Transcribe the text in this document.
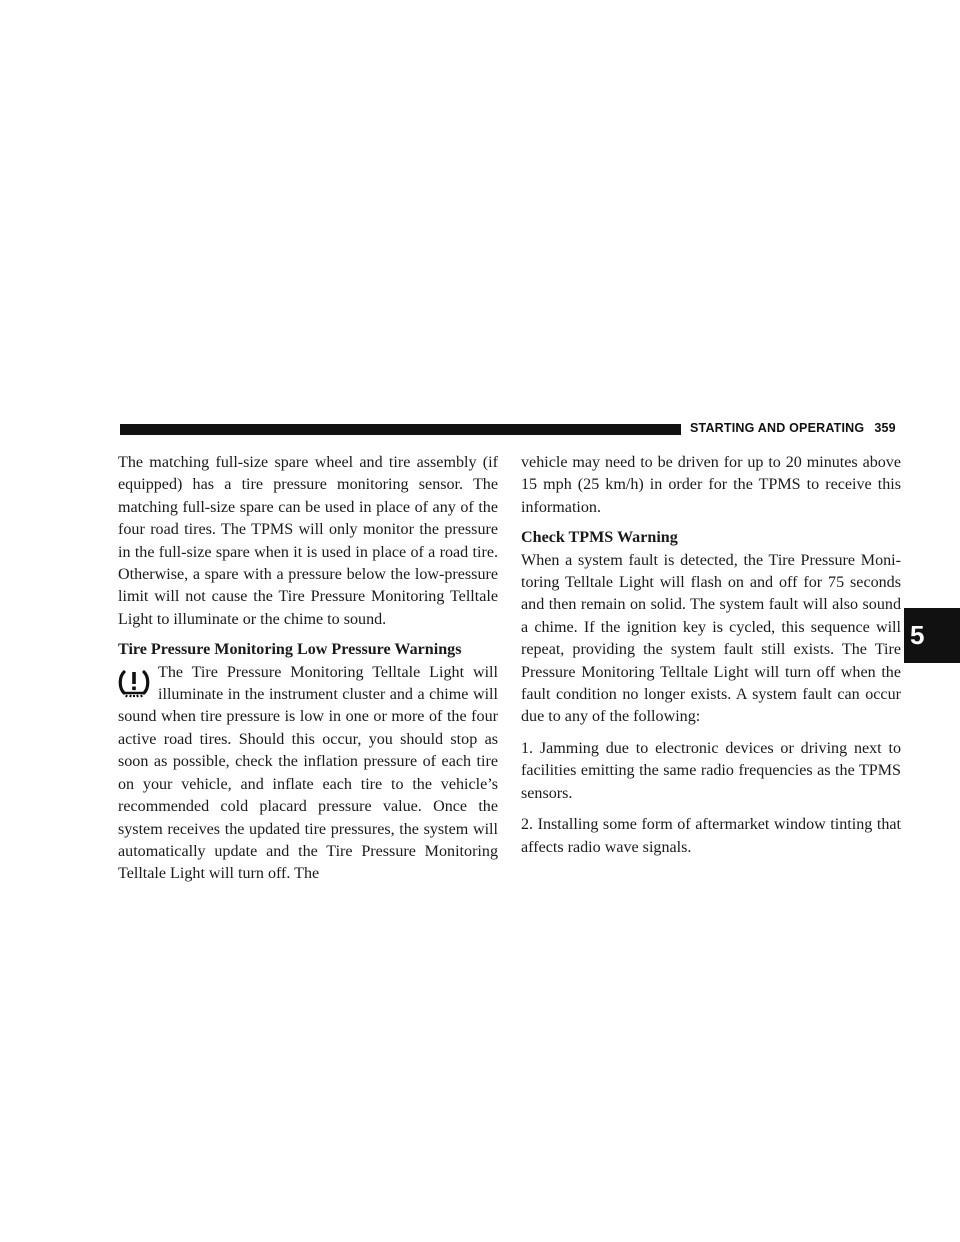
STARTING AND OPERATING 359

The matching full-size spare wheel and tire assembly (if equipped) has a tire pressure monitoring sensor. The matching full-size spare can be used in place of any of the four road tires. The TPMS will only monitor the pressure in the full-size spare when it is used in place of a road tire. Otherwise, a spare with a pressure below the low-pressure limit will not cause the Tire Pressure Monitoring Telltale Light to illuminate or the chime to sound.

Tire Pressure Monitoring Low Pressure Warnings

The Tire Pressure Monitoring Telltale Light will illuminate in the instrument cluster and a chime will sound when tire pressure is low in one or more of the four active road tires. Should this occur, you should stop as soon as possible, check the inflation pressure of each tire on your vehicle, and inflate each tire to the vehicle’s recommended cold placard pressure value. Once the system receives the updated tire pressures, the system will automatically update and the Tire Pressure Monitoring Telltale Light will turn off. The

vehicle may need to be driven for up to 20 minutes above 15 mph (25 km/h) in order for the TPMS to receive this information.

Check TPMS Warning

When a system fault is detected, the Tire Pressure Monitoring Telltale Light will flash on and off for 75 seconds and then remain on solid. The system fault will also sound a chime. If the ignition key is cycled, this sequence will repeat, providing the system fault still exists. The Tire Pressure Monitoring Telltale Light will turn off when the fault condition no longer exists. A system fault can occur due to any of the following:

1. Jamming due to electronic devices or driving next to facilities emitting the same radio frequencies as the TPMS sensors.

2. Installing some form of aftermarket window tinting that affects radio wave signals.

5
